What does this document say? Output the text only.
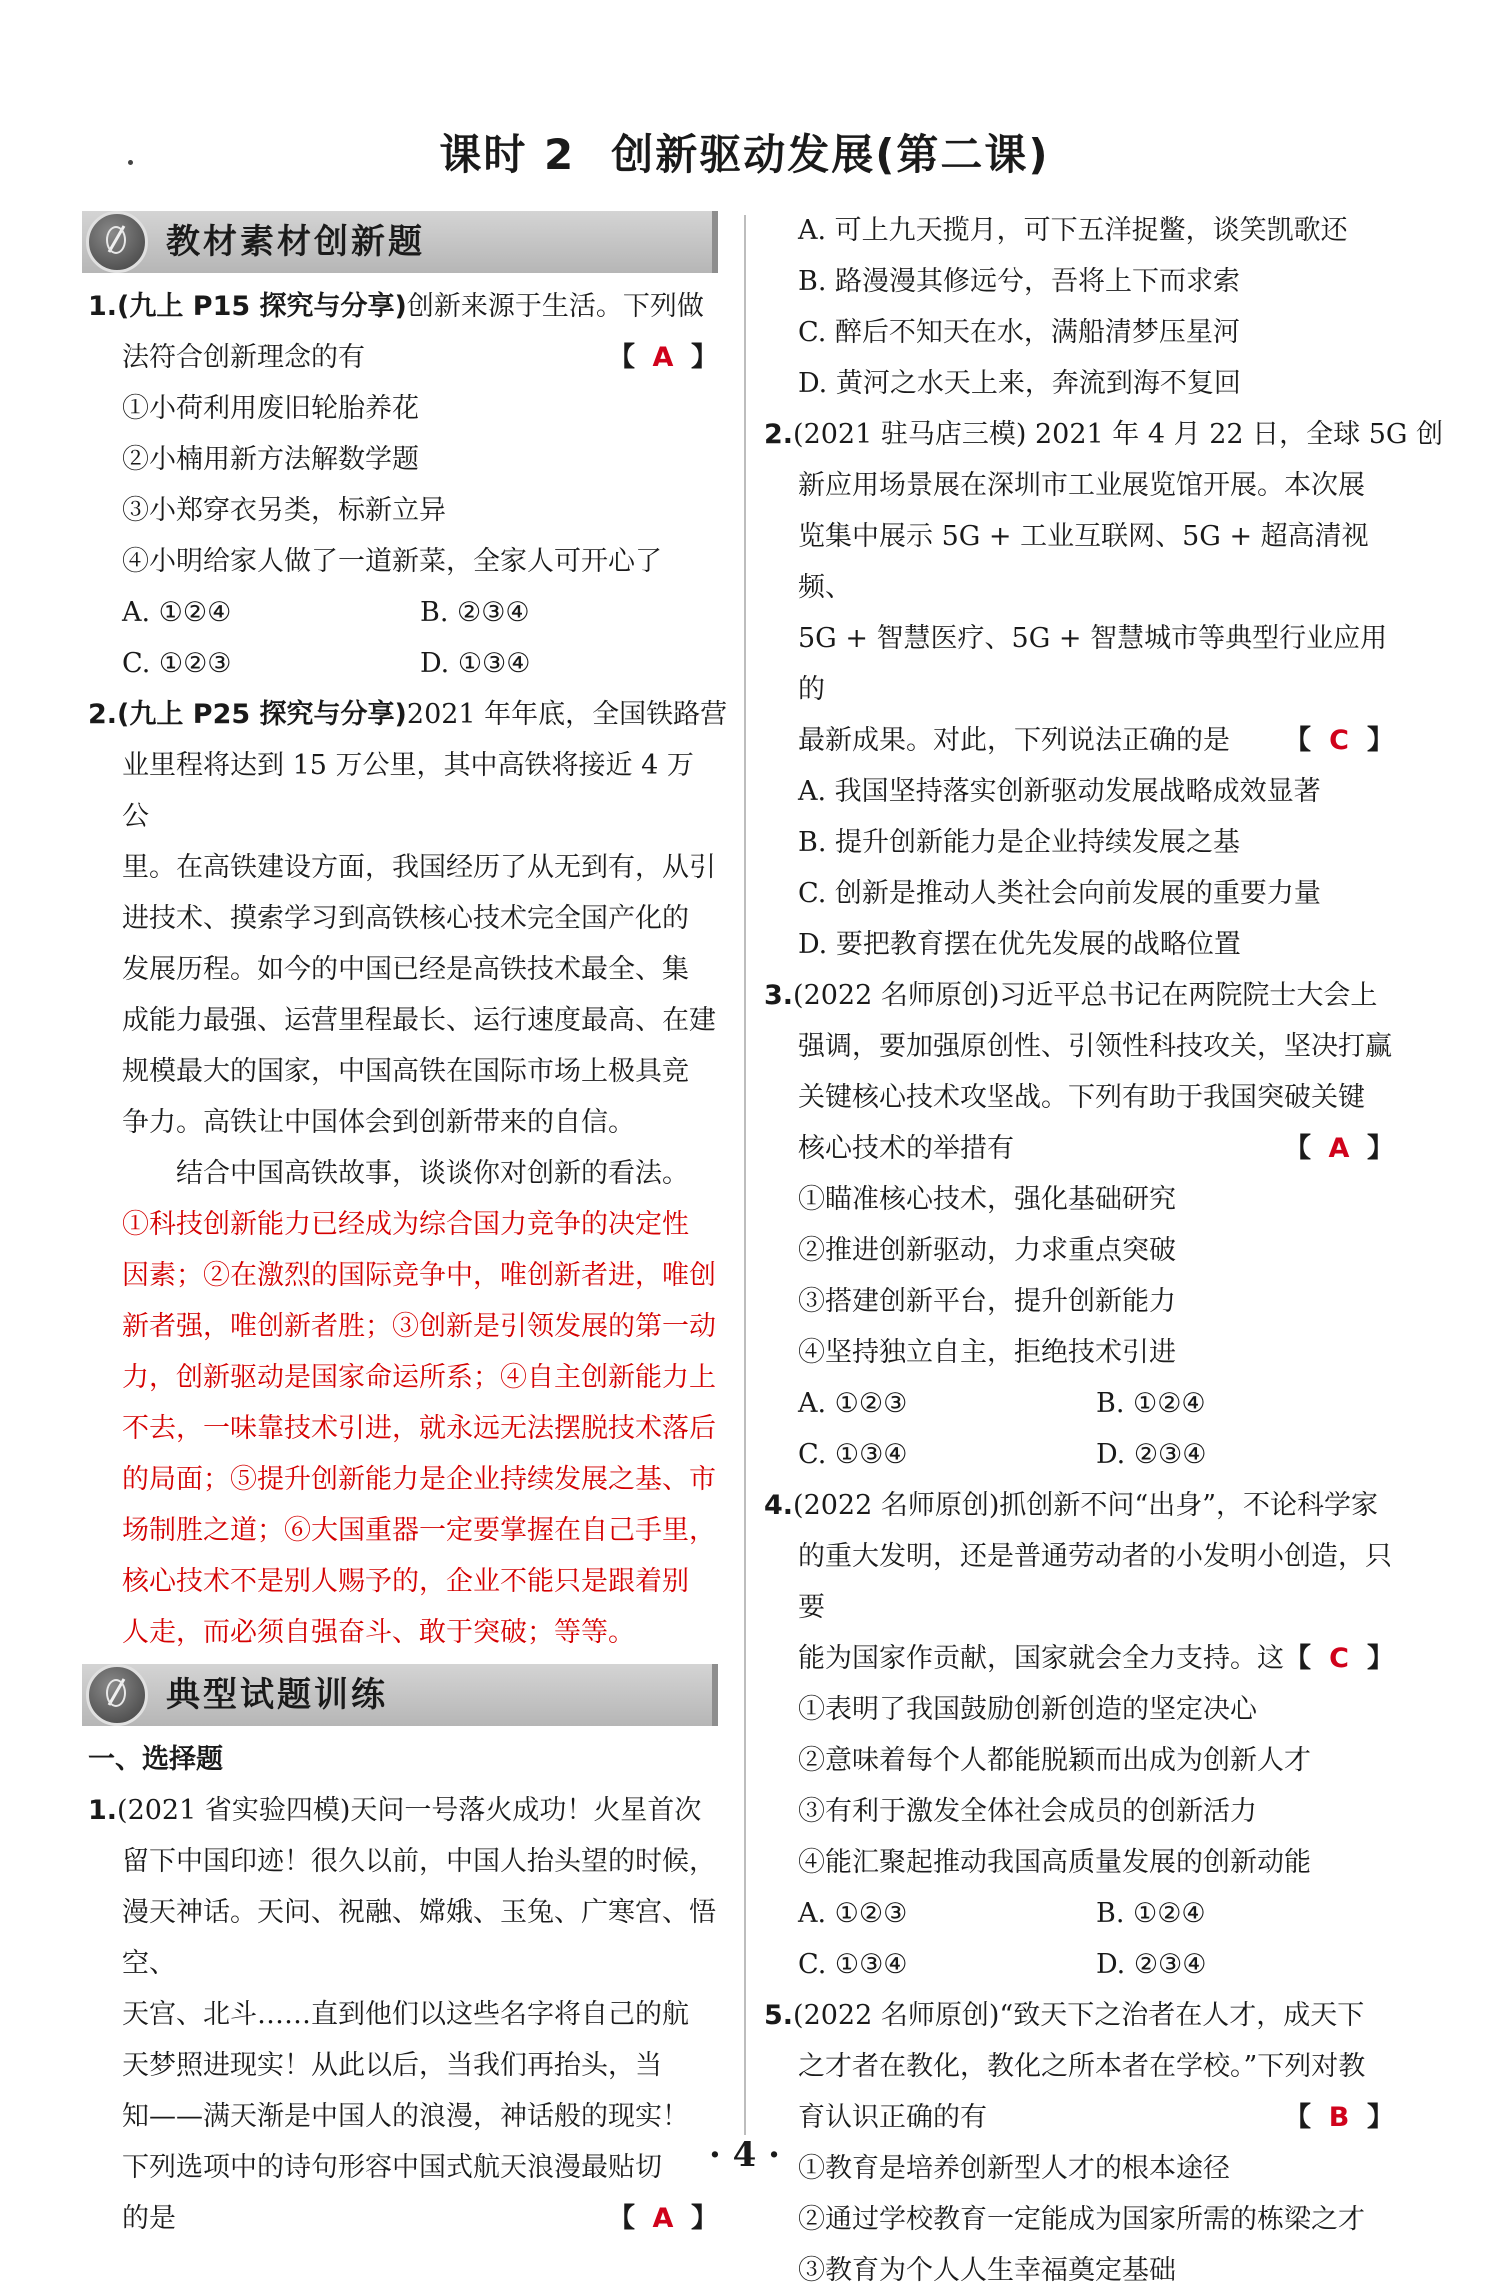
课时 2 创新驱动发展(第二课)
教材素材创新题
1.(九上 P15 探究与分享)创新来源于生活。下列做
法符合创新理念的有	【 A 】
①小荷利用废旧轮胎养花
②小楠用新方法解数学题
③小郑穿衣另类，标新立异
④小明给家人做了一道新菜，全家人可开心了
A. ①②④	B. ②③④
C. ①②③	D. ①③④
2.(九上 P25 探究与分享)2021 年年底，全国铁路营
业里程将达到 15 万公里，其中高铁将接近 4 万公
里。在高铁建设方面，我国经历了从无到有，从引
进技术、摸索学习到高铁核心技术完全国产化的
发展历程。如今的中国已经是高铁技术最全、集
成能力最强、运营里程最长、运行速度最高、在建
规模最大的国家，中国高铁在国际市场上极具竞
争力。高铁让中国体会到创新带来的自信。
结合中国高铁故事，谈谈你对创新的看法。
①科技创新能力已经成为综合国力竞争的决定性
因素；②在激烈的国际竞争中，唯创新者进，唯创
新者强，唯创新者胜；③创新是引领发展的第一动
力，创新驱动是国家命运所系；④自主创新能力上
不去，一味靠技术引进，就永远无法摆脱技术落后
的局面；⑤提升创新能力是企业持续发展之基、市
场制胜之道；⑥大国重器一定要掌握在自己手里，
核心技术不是别人赐予的，企业不能只是跟着别
人走，而必须自强奋斗、敢于突破；等等。
典型试题训练
一、选择题
1.(2021 省实验四模)天问一号落火成功！火星首次
留下中国印迹！很久以前，中国人抬头望的时候，
漫天神话。天问、祝融、嫦娥、玉兔、广寒宫、悟空、
天宫、北斗……直到他们以这些名字将自己的航
天梦照进现实！从此以后，当我们再抬头，当
知——满天渐是中国人的浪漫，神话般的现实！
下列选项中的诗句形容中国式航天浪漫最贴切
的是	【 A 】
A. 可上九天揽月，可下五洋捉鳖，谈笑凯歌还
B. 路漫漫其修远兮，吾将上下而求索
C. 醉后不知天在水，满船清梦压星河
D. 黄河之水天上来，奔流到海不复回
2.(2021 驻马店三模) 2021 年 4 月 22 日，全球 5G 创
新应用场景展在深圳市工业展览馆开展。本次展
览集中展示 5G + 工业互联网、5G + 超高清视频、
5G + 智慧医疗、5G + 智慧城市等典型行业应用的
最新成果。对此，下列说法正确的是 【 C 】
A. 我国坚持落实创新驱动发展战略成效显著
B. 提升创新能力是企业持续发展之基
C. 创新是推动人类社会向前发展的重要力量
D. 要把教育摆在优先发展的战略位置
3.(2022 名师原创)习近平总书记在两院院士大会上
强调，要加强原创性、引领性科技攻关，坚决打赢
关键核心技术攻坚战。下列有助于我国突破关键
核心技术的举措有	【 A 】
①瞄准核心技术，强化基础研究
②推进创新驱动，力求重点突破
③搭建创新平台，提升创新能力
④坚持独立自主，拒绝技术引进
A. ①②③	B. ①②④
C. ①③④	D. ②③④
4.(2022 名师原创)抓创新不问“出身”，不论科学家
的重大发明，还是普通劳动者的小发明小创造，只要
能为国家作贡献，国家就会全力支持。这 【 C 】
①表明了我国鼓励创新创造的坚定决心
②意味着每个人都能脱颖而出成为创新人才
③有利于激发全体社会成员的创新活力
④能汇聚起推动我国高质量发展的创新动能
A. ①②③	B. ①②④
C. ①③④	D. ②③④
5.(2022 名师原创)“致天下之治者在人才，成天下
之才者在教化，教化之所本者在学校。”下列对教
育认识正确的有	【 B 】
①教育是培养创新型人才的根本途径
②通过学校教育一定能成为国家所需的栋梁之才
③教育为个人人生幸福奠定基础
· 4 ·
